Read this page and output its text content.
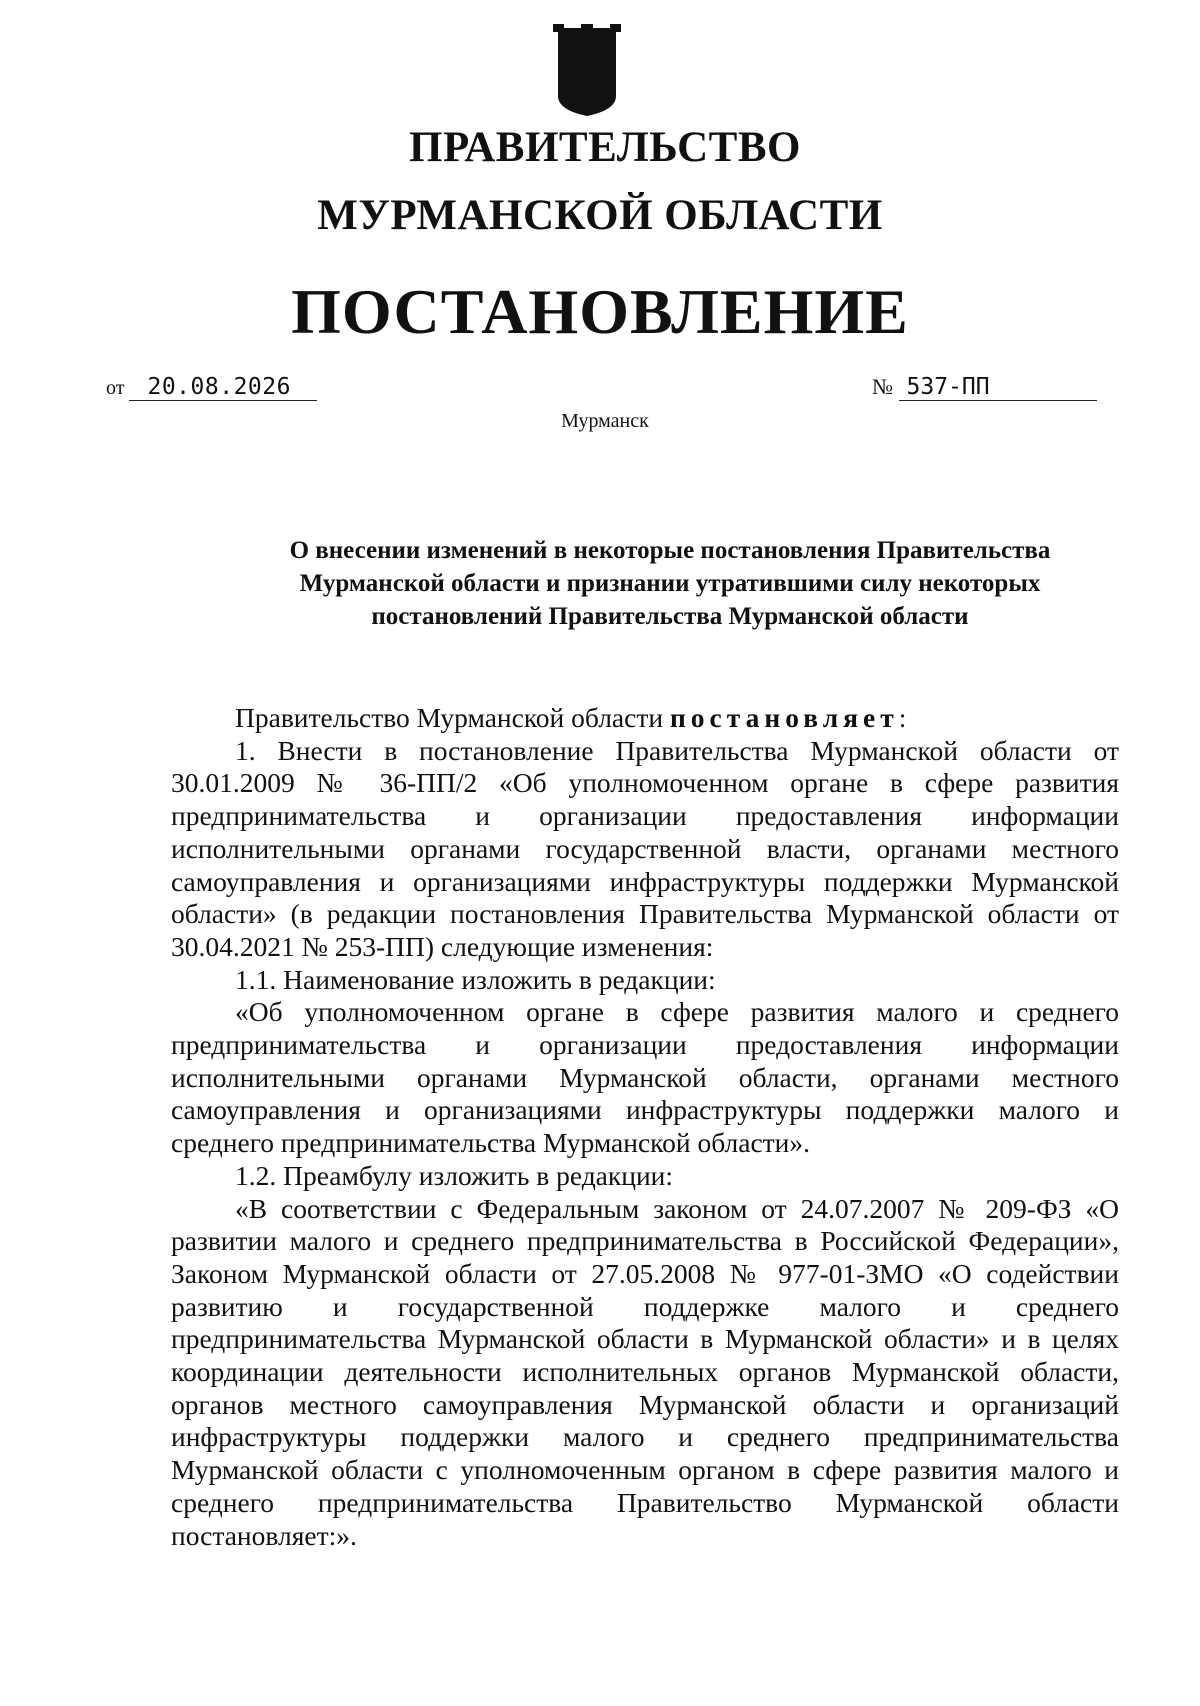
ПРАВИТЕЛЬСТВО
МУРМАНСКОЙ ОБЛАСТИ
ПОСТАНОВЛЕНИЕ
от 20.08.2026	№ 537-ПП
Мурманск
О внесении изменений в некоторые постановления Правительства Мурманской области и признании утратившими силу некоторых постановлений Правительства Мурманской области

Правительство Мурманской области постановляет:

1. Внести в постановление Правительства Мурманской области от 30.01.2009 № 36-ПП/2 «Об уполномоченном органе в сфере развития предпринимательства и организации предоставления информации исполнительными органами государственной власти, органами местного самоуправления и организациями инфраструктуры поддержки Мурманской области» (в редакции постановления Правительства Мурманской области от 30.04.2021 № 253-ПП) следующие изменения:

1.1. Наименование изложить в редакции:

«Об уполномоченном органе в сфере развития малого и среднего предпринимательства и организации предоставления информации исполнительными органами Мурманской области, органами местного самоуправления и организациями инфраструктуры поддержки малого и среднего предпринимательства Мурманской области».

1.2. Преамбулу изложить в редакции:

«В соответствии с Федеральным законом от 24.07.2007 № 209-ФЗ «О развитии малого и среднего предпринимательства в Российской Федерации», Законом Мурманской области от 27.05.2008 № 977-01-ЗМО «О содействии развитию и государственной поддержке малого и среднего предпринимательства Мурманской области в Мурманской области» и в целях координации деятельности исполнительных органов Мурманской области, органов местного самоуправления Мурманской области и организаций инфраструктуры поддержки малого и среднего предпринимательства Мурманской области с уполномоченным органом в сфере развития малого и среднего предпринимательства Правительство Мурманской области постановляет:».
